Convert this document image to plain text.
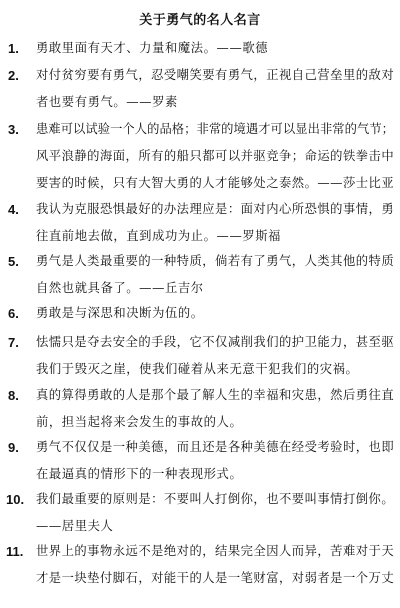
关于勇气的名人名言
1. 勇敢里面有天才、力量和魔法。——歌德
2. 对付贫穷要有勇气，忍受嘲笑要有勇气，正视自己营垒里的敌对
者也要有勇气。——罗素
3. 患难可以试验一个人的品格；非常的境遇才可以显出非常的气节；
风平浪静的海面，所有的船只都可以并驱竞争；命运的铁拳击中
要害的时候，只有大智大勇的人才能够处之泰然。——莎士比亚
4. 我认为克服恐惧最好的办法理应是：面对内心所恐惧的事情，勇
往直前地去做，直到成功为止。——罗斯福
5. 勇气是人类最重要的一种特质，倘若有了勇气，人类其他的特质
自然也就具备了。——丘吉尔
6. 勇敢是与深思和决断为伍的。
7. 怯懦只是夺去安全的手段，它不仅减削我们的护卫能力，甚至驱
我们于毁灭之崖，使我们碰着从来无意干犯我们的灾祸。
8. 真的算得勇敢的人是那个最了解人生的幸福和灾患，然后勇往直
前，担当起将来会发生的事故的人。
9. 勇气不仅仅是一种美德，而且还是各种美德在经受考验时，也即
在最逼真的情形下的一种表现形式。
10. 我们最重要的原则是：不要叫人打倒你，也不要叫事情打倒你。
——居里夫人
11. 世界上的事物永远不是绝对的，结果完全因人而异，苦难对于天
才是一块垫付脚石，对能干的人是一笔财富，对弱者是一个万丈
